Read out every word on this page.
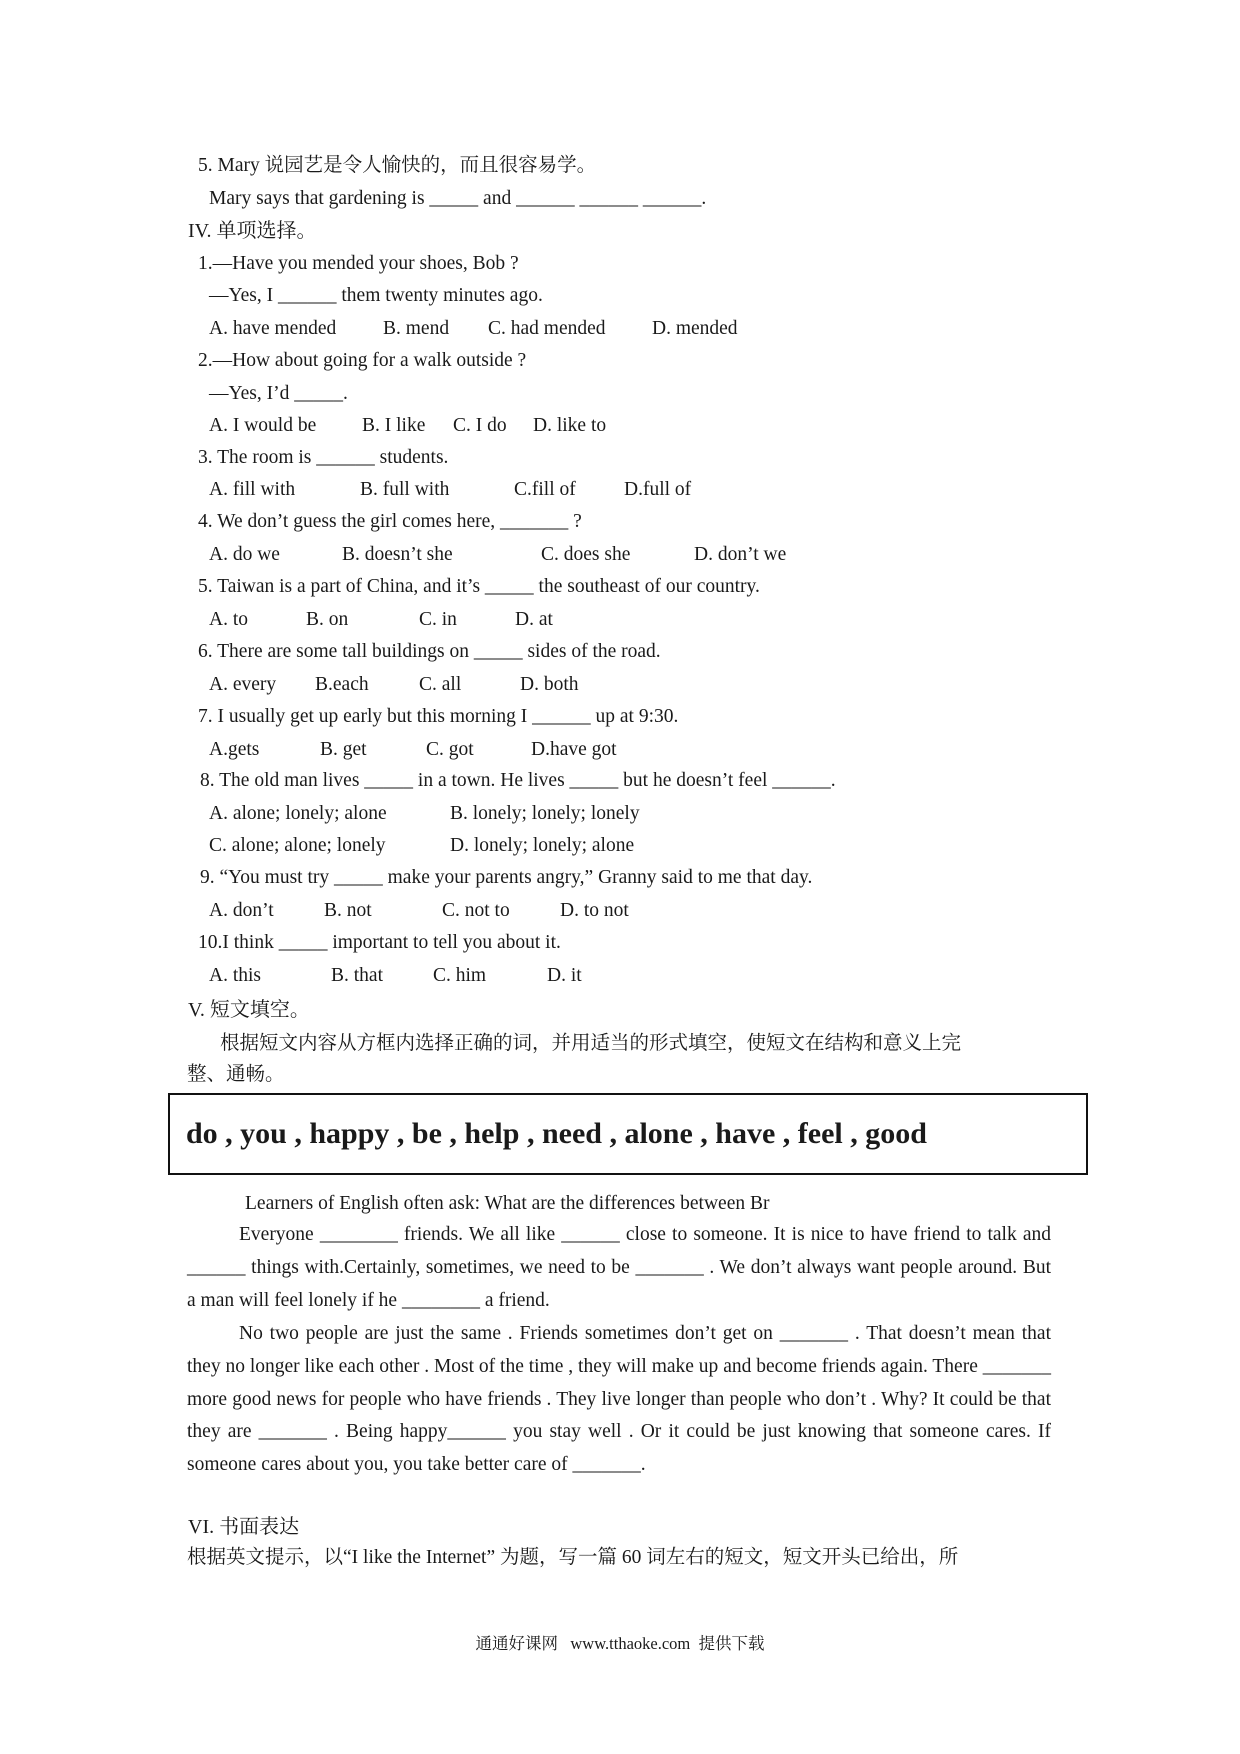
5. Mary 说园艺是令人愉快的，而且很容易学。
Mary says that gardening is _____ and ______ ______ ______.
IV. 单项选择。
1.—Have you mended your shoes, Bob ?
—Yes, I ______ them twenty minutes ago.
A. have mended B. mend C. had mended D. mended
2.—How about going for a walk outside ?
—Yes, I’d _____.
A. I would be B. I like C. I do D. like to
3. The room is ______ students.
A. fill with	B. full with	C.fill of D.full of
4. We don’t guess the girl comes here, _______ ?
A. do we	B. doesn’t she	C. does she	D. don’t we
5. Taiwan is a part of China, and it’s _____ the southeast of our country.
A. to	B. on	C. in	D. at
6. There are some tall buildings on _____ sides of the road.
A. every B.each	C. all	D. both
7. I usually get up early but this morning I ______ up at 9:30.
A.gets	B. get	C. got	D.have got
8. The old man lives _____ in a town. He lives _____ but he doesn’t feel ______.
A. alone; lonely; alone	B. lonely; lonely; lonely
C. alone; alone; lonely	D. lonely; lonely; alone
9. “You must try _____ make your parents angry,” Granny said to me that day.
A. don’t	B. not	C. not to	D. to not
10.I think _____ important to tell you about it.
A. this	B. that	C. him	D. it
V. 短文填空。
根据短文内容从方框内选择正确的词，并用适当的形式填空，使短文在结构和意义上完
整、通畅。
do , you , happy , be , help , need , alone , have , feel , good
Learners of English often ask: What are the differences between Br
Everyone ________ friends. We all like ______ close to someone. It is nice to have friend to talk and ______ things with.Certainly, sometimes, we need to be _______ . We don’t always want people around. But a man will feel lonely if he ________ a friend.
No two people are just the same . Friends sometimes don’t get on _______ . That doesn’t mean that they no longer like each other . Most of the time , they will make up and become friends again. There _______ more good news for people who have friends . They live longer than people who don’t . Why? It could be that they are _______ . Being happy______ you stay well . Or it could be just knowing that someone cares. If someone cares about you, you take better care of _______.
VI. 书面表达
根据英文提示，以“I like the Internet” 为题，写一篇 60 词左右的短文，短文开头已给出，所
通通好课网   www.tthaoke.com  提供下载
